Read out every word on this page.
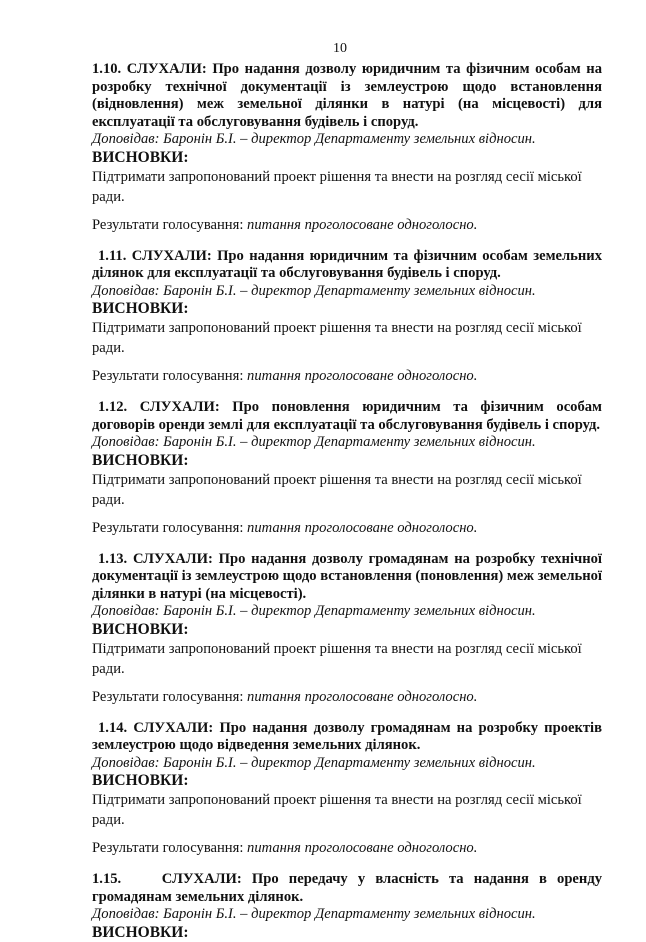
10

1.10. СЛУХАЛИ: Про надання дозволу юридичним та фізичним особам на розробку технічної документації із землеустрою щодо встановлення (відновлення) меж земельної ділянки в натурі (на місцевості) для експлуатації та обслуговування будівель і споруд.

Доповідав: Баронін Б.І. – директор Департаменту земельних відносин.

ВИСНОВКИ:

Підтримати запропонований проект рішення та внести на розгляд сесії міської ради.

Результати голосування: питання проголосоване одноголосно.

1.11. СЛУХАЛИ: Про надання юридичним та фізичним особам земельних ділянок для експлуатації та обслуговування будівель і споруд.

Доповідав: Баронін Б.І. – директор Департаменту земельних відносин.

ВИСНОВКИ:

Підтримати запропонований проект рішення та внести на розгляд сесії міської ради.

Результати голосування: питання проголосоване одноголосно.

1.12. СЛУХАЛИ: Про поновлення юридичним та фізичним особам договорів оренди землі для експлуатації та обслуговування будівель і споруд.

Доповідав: Баронін Б.І. – директор Департаменту земельних відносин.

ВИСНОВКИ:

Підтримати запропонований проект рішення та внести на розгляд сесії міської ради.

Результати голосування: питання проголосоване одноголосно.

1.13. СЛУХАЛИ: Про надання дозволу громадянам на розробку технічної документації із землеустрою щодо встановлення (поновлення) меж земельної ділянки в натурі (на місцевості).

Доповідав: Баронін Б.І. – директор Департаменту земельних відносин.

ВИСНОВКИ:

Підтримати запропонований проект рішення та внести на розгляд сесії міської ради.

Результати голосування: питання проголосоване одноголосно.

1.14. СЛУХАЛИ: Про надання дозволу громадянам на розробку проектів землеустрою щодо відведення земельних ділянок.

Доповідав: Баронін Б.І. – директор Департаменту земельних відносин.

ВИСНОВКИ:

Підтримати запропонований проект рішення та внести на розгляд сесії міської ради.

Результати голосування: питання проголосоване одноголосно.

1.15.	СЛУХАЛИ: Про передачу у власність та надання в оренду громадянам земельних ділянок.

Доповідав: Баронін Б.І. – директор Департаменту земельних відносин.

ВИСНОВКИ:
